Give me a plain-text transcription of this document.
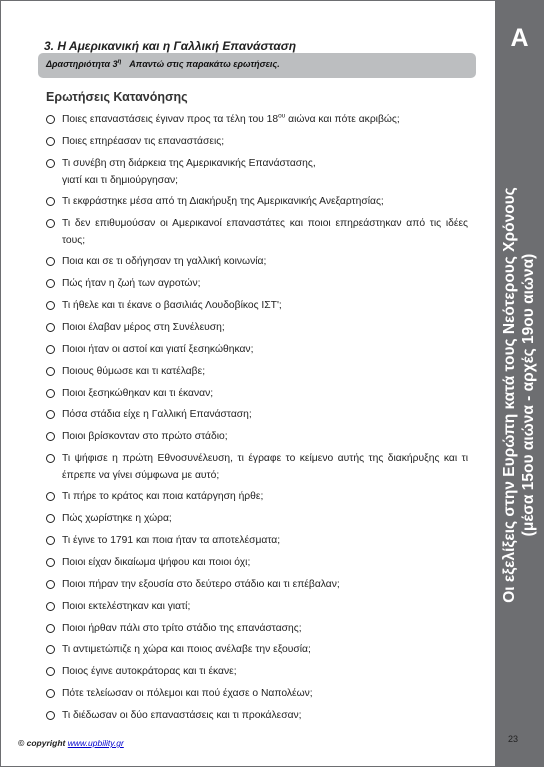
Α
Οι εξελίξεις στην Ευρώπη κατά τους Νεότερους Χρόνους (μέσα 15ου αιώνα - αρχές 19ου αιώνα)
3. Η Αμερικανική και η Γαλλική Επανάσταση
Δραστηριότητα $3^\eta$ Απαντώ στις παρακάτω ερωτήσεις.
Ερωτήσεις Κατανόησης
Ποιες επαναστάσεις έγιναν προς τα τέλη του $18^{o\upsilon}$ αιώνα και πότε ακριβώς;
Ποιες επηρέασαν τις επαναστάσεις;
Τι συνέβη στη διάρκεια της Αμερικανικής Επανάστασης,
γιατί και τι δημιούργησαν;
Τι εκφράστηκε μέσα από τη Διακήρυξη της Αμερικανικής Ανεξαρτησίας;
Τι δεν επιθυμούσαν οι Αμερικανοί επαναστάτες και ποιοι επηρεάστηκαν από τις ιδέες τους;
Ποια και σε τι οδήγησαν τη γαλλική κοινωνία;
Πώς ήταν η ζωή των αγροτών;
Τι ήθελε και τι έκανε ο βασιλιάς Λουδοβίκος ΙΣΤ';
Ποιοι έλαβαν μέρος στη Συνέλευση;
Ποιοι ήταν οι αστοί και γιατί ξεσηκώθηκαν;
Ποιους θύμωσε και τι κατέλαβε;
Ποιοι ξεσηκώθηκαν και τι έκαναν;
Πόσα στάδια είχε η Γαλλική Επανάσταση;
Ποιοι βρίσκονταν στο πρώτο στάδιο;
Τι ψήφισε η πρώτη Εθνοσυνέλευση, τι έγραφε το κείμενο αυτής της διακήρυξης και τι έπρεπε να γίνει σύμφωνα με αυτό;
Τι πήρε το κράτος και ποια κατάργηση ήρθε;
Πώς χωρίστηκε η χώρα;
Τι έγινε το 1791 και ποια ήταν τα αποτελέσματα;
Ποιοι είχαν δικαίωμα ψήφου και ποιοι όχι;
Ποιοι πήραν την εξουσία στο δεύτερο στάδιο και τι επέβαλαν;
Ποιοι εκτελέστηκαν και γιατί;
Ποιοι ήρθαν πάλι στο τρίτο στάδιο της επανάστασης;
Τι αντιμετώπιζε η χώρα και ποιος ανέλαβε την εξουσία;
Ποιος έγινε αυτοκράτορας και τι έκανε;
Πότε τελείωσαν οι πόλεμοι και πού έχασε ο Ναπολέων;
Τι διέδωσαν οι δύο επαναστάσεις και τι προκάλεσαν;
© copyright www.upbility.gr	23
